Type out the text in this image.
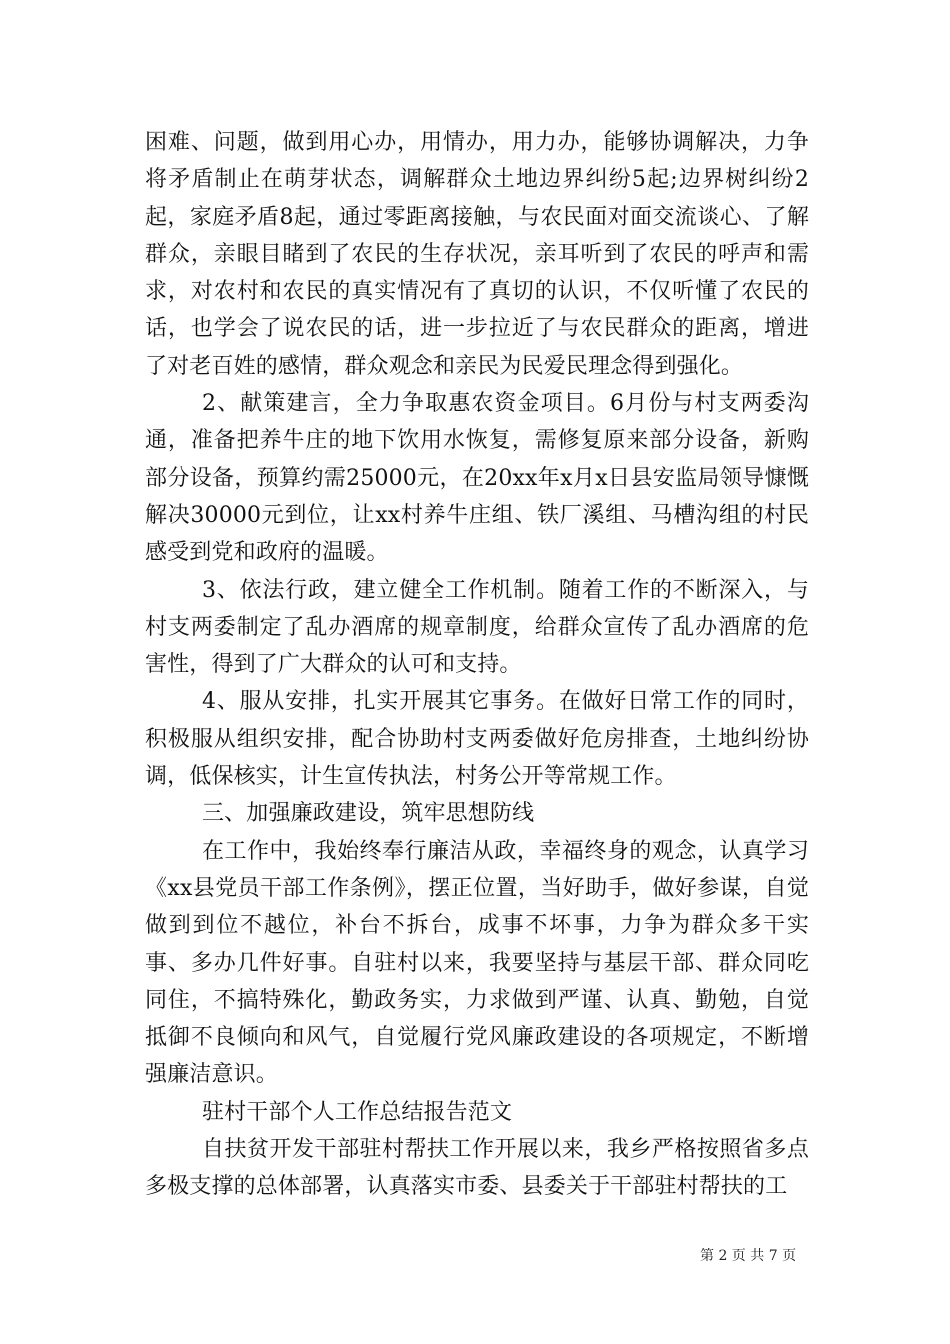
困难、问题，做到用心办，用情办，用力办，能够协调解决，力争将矛盾制止在萌芽状态，调解群众土地边界纠纷5起;边界树纠纷2起，家庭矛盾8起，通过零距离接触，与农民面对面交流谈心、了解群众，亲眼目睹到了农民的生存状况，亲耳听到了农民的呼声和需求，对农村和农民的真实情况有了真切的认识，不仅听懂了农民的话，也学会了说农民的话，进一步拉近了与农民群众的距离，增进了对老百姓的感情，群众观念和亲民为民爱民理念得到强化。

2、献策建言，全力争取惠农资金项目。6月份与村支两委沟通，准备把养牛庄的地下饮用水恢复，需修复原来部分设备，新购部分设备，预算约需25000元，在20xx年x月x日县安监局领导慷慨解决30000元到位，让xx村养牛庄组、铁厂溪组、马槽沟组的村民感受到党和政府的温暖。

3、依法行政，建立健全工作机制。随着工作的不断深入，与村支两委制定了乱办酒席的规章制度，给群众宣传了乱办酒席的危害性，得到了广大群众的认可和支持。

4、服从安排，扎实开展其它事务。在做好日常工作的同时，积极服从组织安排，配合协助村支两委做好危房排查，土地纠纷协调，低保核实，计生宣传执法，村务公开等常规工作。

三、加强廉政建设，筑牢思想防线

在工作中，我始终奉行廉洁从政，幸福终身的观念，认真学习《xx县党员干部工作条例》，摆正位置，当好助手，做好参谋，自觉做到到位不越位，补台不拆台，成事不坏事，力争为群众多干实事、多办几件好事。自驻村以来，我要坚持与基层干部、群众同吃同住，不搞特殊化，勤政务实，力求做到严谨、认真、勤勉，自觉抵御不良倾向和风气，自觉履行党风廉政建设的各项规定，不断增强廉洁意识。

驻村干部个人工作总结报告范文

自扶贫开发干部驻村帮扶工作开展以来，我乡严格按照省多点多极支撑的总体部署，认真落实市委、县委关于干部驻村帮扶的工

第 2 页 共 7 页
